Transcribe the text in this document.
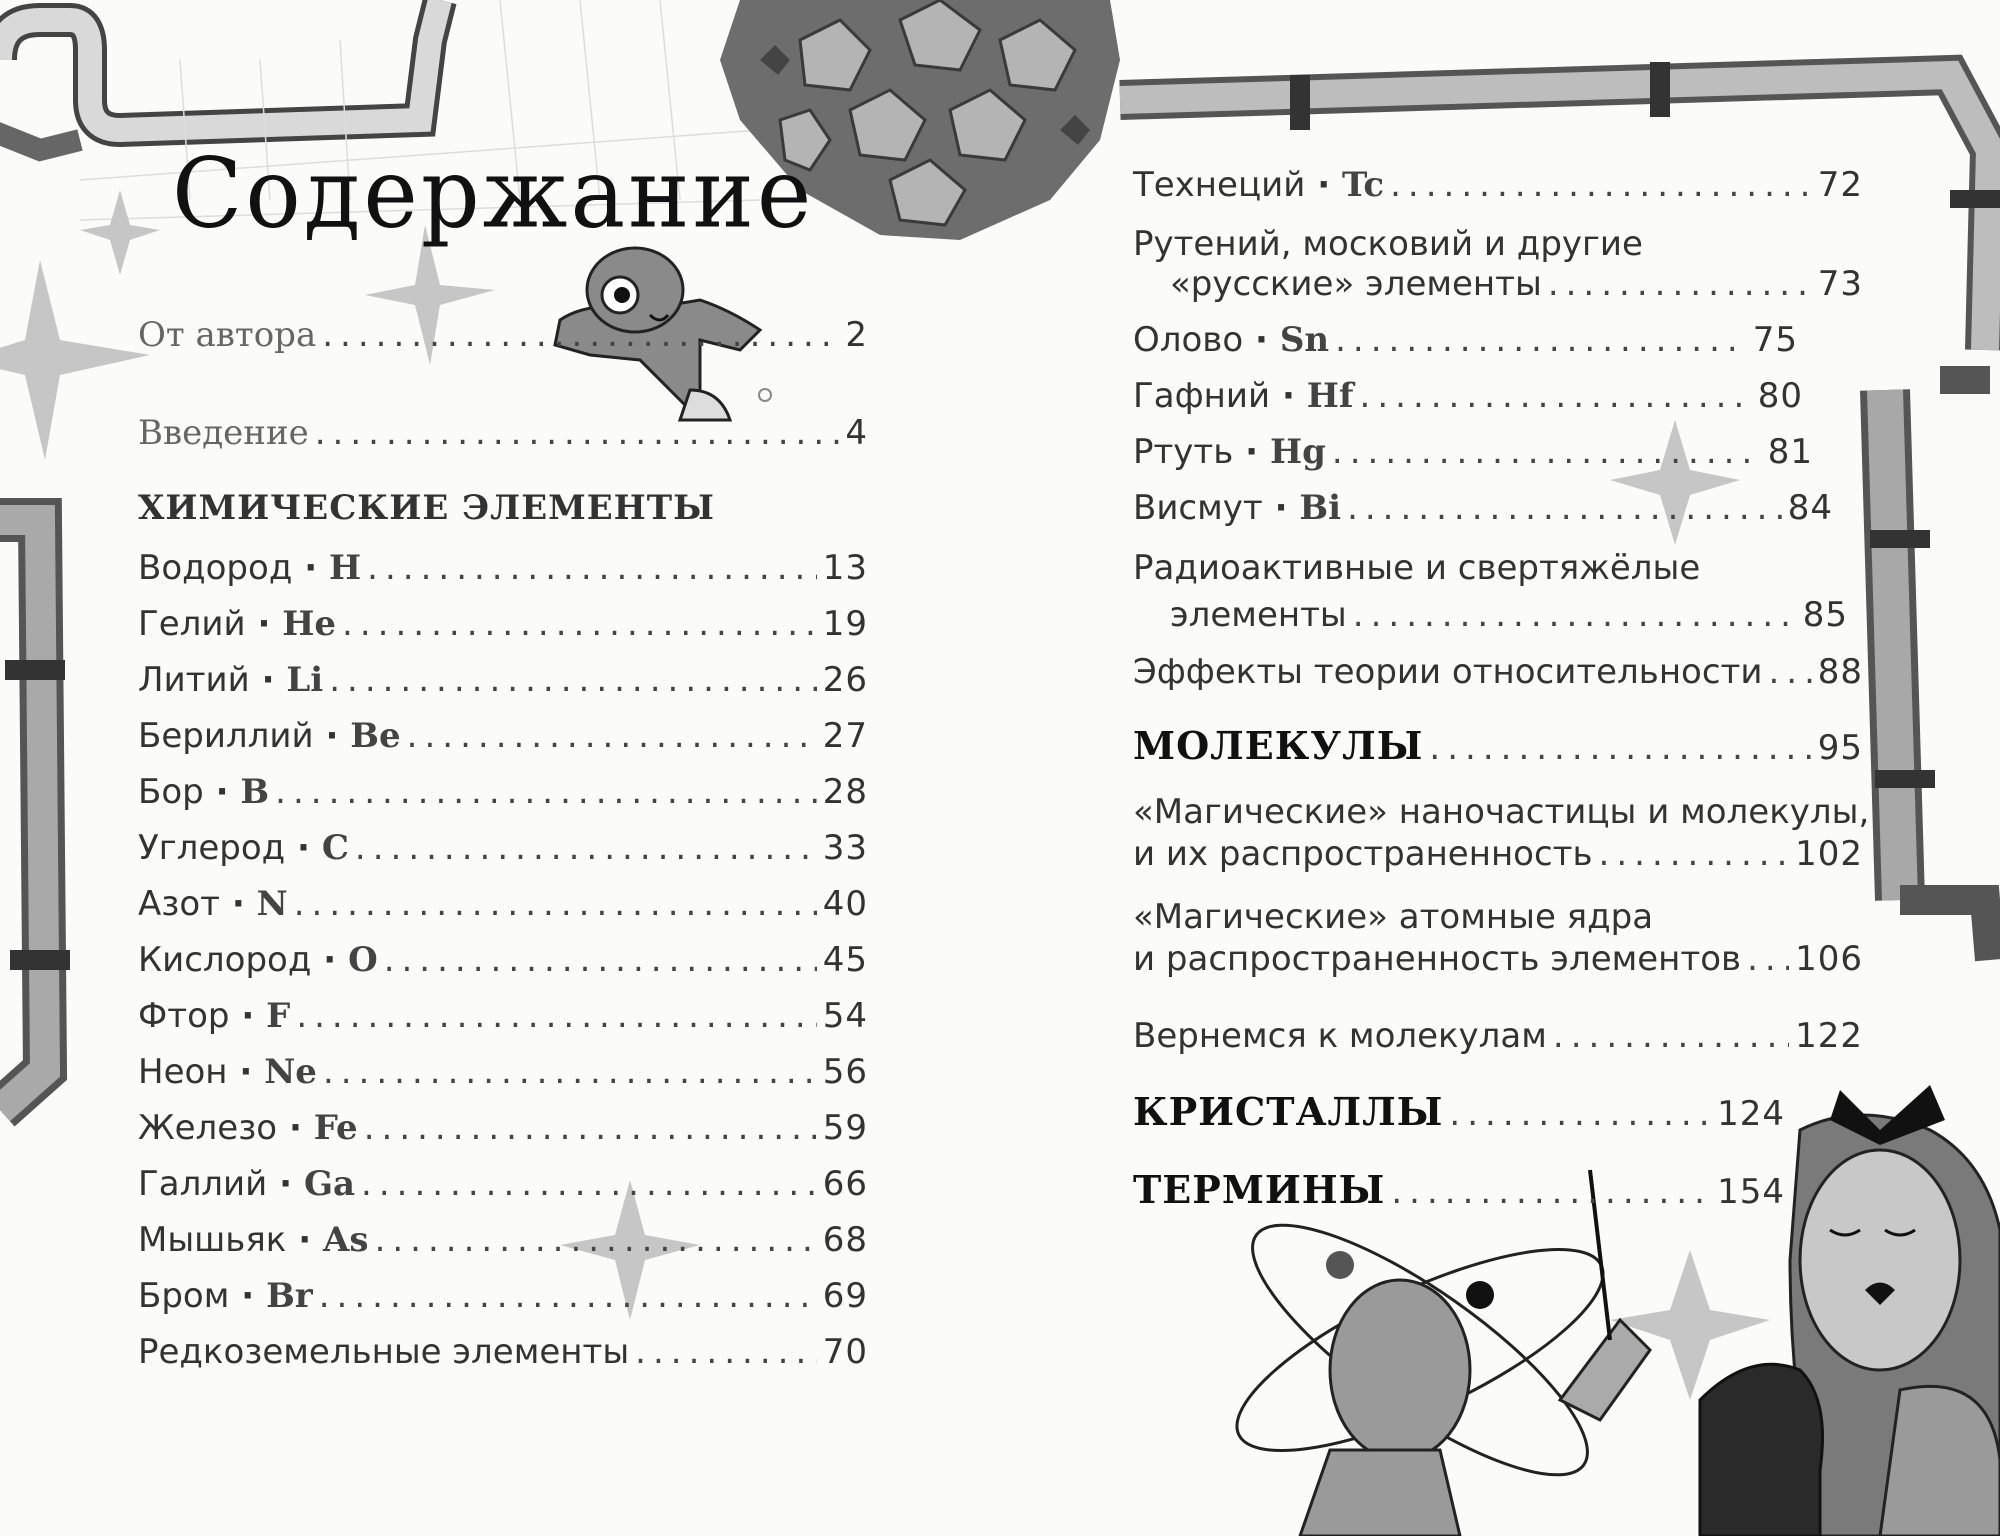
Содержание
От автора .....	2
Введение .....	4
ХИМИЧЕСКИЕ ЭЛЕМЕНТЫ
Водород · H .....	13
Гелий · He .....	19
Литий · Li .....	26
Бериллий · Be .....	27
Бор · B .....	28
Углерод · C .....	33
Азот · N .....	40
Кислород · O .....	45
Фтор · F .....	54
Неон · Ne .....	56
Железо · Fe .....	59
Галлий · Ga .....	66
Мышьяк · As .....	68
Бром · Br .....	69
Редкоземельные элементы .....	70
Технеций · Tc .....	72
Рутений, московий и другие
«русские» элементы .....	73
Олово · Sn .....	75
Гафний · Hf .....	80
Ртуть · Hg .....	81
Висмут · Bi .....	84
Радиоактивные и свертяжёлые
элементы .....	85
Эффекты теории относительности ..... 88
МОЛЕКУЛЫ .....	95
«Магические» наночастицы и молекулы,
и их распространенность .....	102
«Магические» атомные ядра
и распространенность элементов ..... 106
Вернемся к молекулам .....	122
КРИСТАЛЛЫ .....	124
ТЕРМИНЫ .....	154
